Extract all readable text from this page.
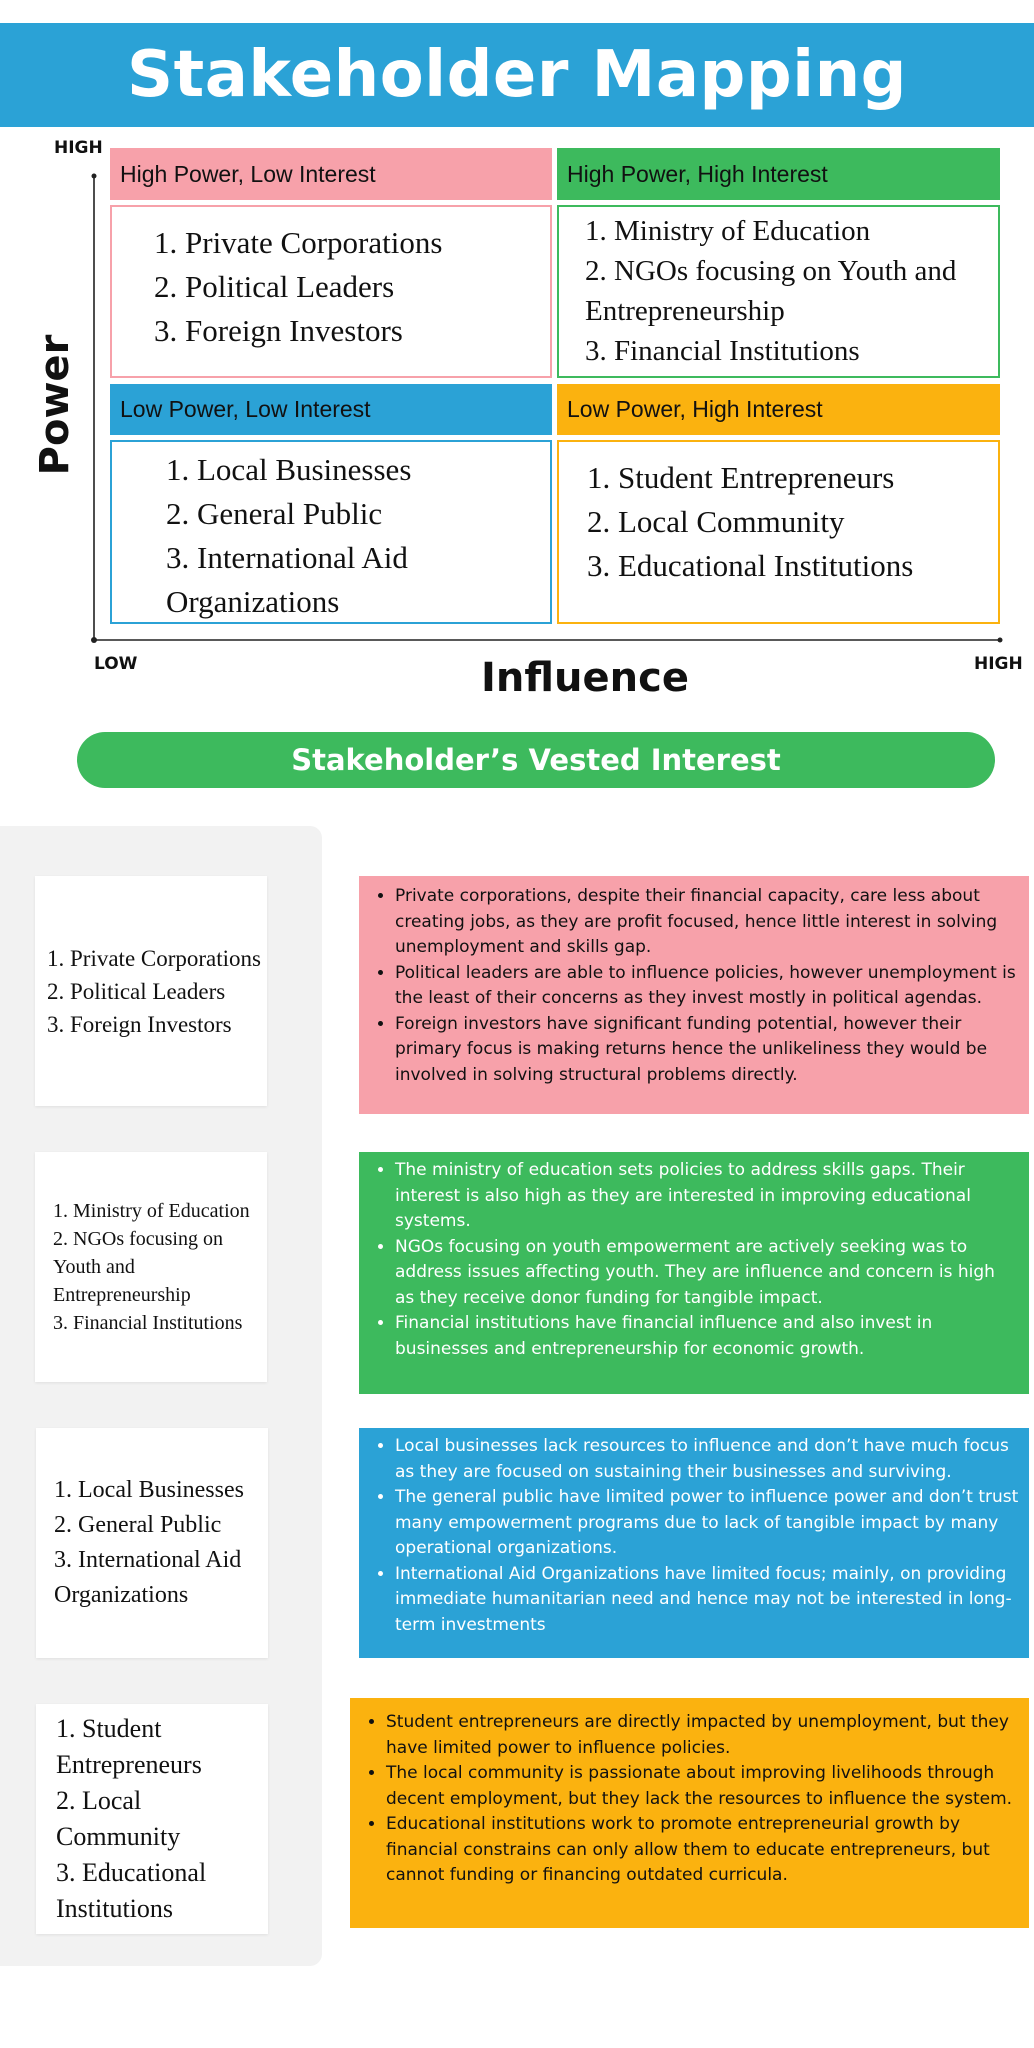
Stakeholder Mapping
HIGH
LOW	HIGH
Power
Influence
High Power, Low Interest
1. Private Corporations
2. Political Leaders
3. Foreign Investors
High Power, High Interest
1. Ministry of Education
2. NGOs focusing on Youth and Entrepreneurship
3. Financial Institutions
Low Power, Low Interest
1. Local Businesses
2. General Public
3. International Aid Organizations
Low Power, High Interest
1. Student Entrepreneurs
2. Local Community
3. Educational Institutions
Stakeholder’s Vested Interest
1. Private Corporations
2. Political Leaders
3. Foreign Investors
• Private corporations, despite their financial capacity, care less about creating jobs, as they are profit focused, hence little interest in solving unemployment and skills gap.
• Political leaders are able to influence policies, however unemployment is the least of their concerns as they invest mostly in political agendas.
• Foreign investors have significant funding potential, however their primary focus is making returns hence the unlikeliness they would be involved in solving structural problems directly.
1. Ministry of Education
2. NGOs focusing on Youth and Entrepreneurship
3. Financial Institutions
• The ministry of education sets policies to address skills gaps. Their interest is also high as they are interested in improving educational systems.
• NGOs focusing on youth empowerment are actively seeking was to address issues affecting youth. They are influence and concern is high as they receive donor funding for tangible impact.
• Financial institutions have financial influence and also invest in businesses and entrepreneurship for economic growth.
1. Local Businesses
2. General Public
3. International Aid Organizations
• Local businesses lack resources to influence and don’t have much focus as they are focused on sustaining their businesses and surviving.
• The general public have limited power to influence power and don’t trust many empowerment programs due to lack of tangible impact by many operational organizations.
• International Aid Organizations have limited focus; mainly, on providing immediate humanitarian need and hence may not be interested in long-term investments
1. Student Entrepreneurs
2. Local Community
3. Educational Institutions
• Student entrepreneurs are directly impacted by unemployment, but they have limited power to influence policies.
• The local community is passionate about improving livelihoods through decent employment, but they lack the resources to influence the system.
• Educational institutions work to promote entrepreneurial growth by financial constrains can only allow them to educate entrepreneurs, but cannot funding or financing outdated curricula.
